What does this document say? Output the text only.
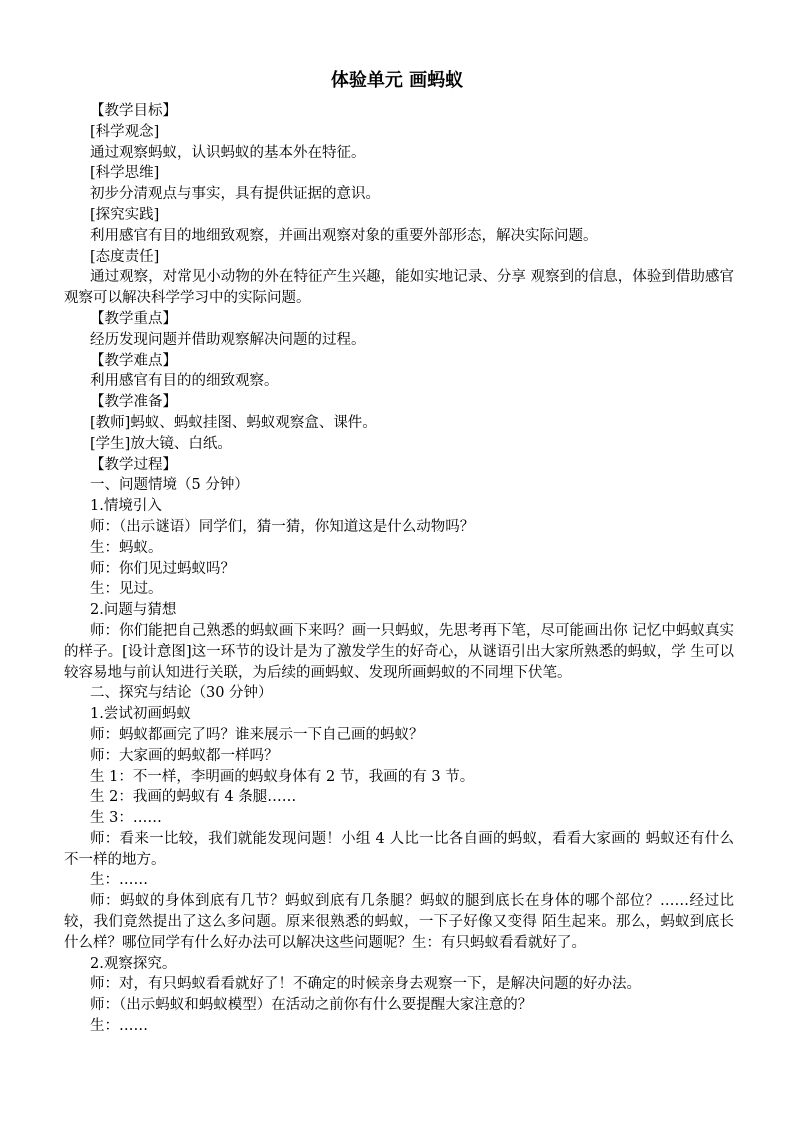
体验单元 画蚂蚁
【教学目标】
[科学观念]
通过观察蚂蚁，认识蚂蚁的基本外在特征。
[科学思维]
初步分清观点与事实，具有提供证据的意识。
[探究实践]
利用感官有目的地细致观察，并画出观察对象的重要外部形态，解决实际问题。
[态度责任]
通过观察，对常见小动物的外在特征产生兴趣，能如实地记录、分享 观察到的信息，体验到借助感官观察可以解决科学学习中的实际问题。
【教学重点】
经历发现问题并借助观察解决问题的过程。
【教学难点】
利用感官有目的的细致观察。
【教学准备】
[教师]蚂蚁、蚂蚁挂图、蚂蚁观察盒、课件。
[学生]放大镜、白纸。
【教学过程】
一、问题情境（5 分钟）
1.情境引入
师：（出示谜语）同学们，猜一猜，你知道这是什么动物吗？
生：蚂蚁。
师：你们见过蚂蚁吗？
生：见过。
2.问题与猜想
师：你们能把自己熟悉的蚂蚁画下来吗？画一只蚂蚁，先思考再下笔，尽可能画出你 记忆中蚂蚁真实的样子。[设计意图]这一环节的设计是为了激发学生的好奇心，从谜语引出大家所熟悉的蚂蚁，学 生可以较容易地与前认知进行关联，为后续的画蚂蚁、发现所画蚂蚁的不同埋下伏笔。
二、探究与结论（30 分钟）
1.尝试初画蚂蚁
师：蚂蚁都画完了吗？谁来展示一下自己画的蚂蚁？
师：大家画的蚂蚁都一样吗？
生 1：不一样，李明画的蚂蚁身体有 2 节，我画的有 3 节。
生 2：我画的蚂蚁有 4 条腿……
生 3：……
师：看来一比较，我们就能发现问题！小组 4 人比一比各自画的蚂蚁，看看大家画的 蚂蚁还有什么不一样的地方。
生：……
师：蚂蚁的身体到底有几节？蚂蚁到底有几条腿？蚂蚁的腿到底长在身体的哪个部位？……经过比较，我们竟然提出了这么多问题。原来很熟悉的蚂蚁，一下子好像又变得 陌生起来。那么，蚂蚁到底长什么样？哪位同学有什么好办法可以解决这些问题呢？生：有只蚂蚁看看就好了。
2.观察探究。
师：对，有只蚂蚁看看就好了！不确定的时候亲身去观察一下，是解决问题的好办法。
师：（出示蚂蚁和蚂蚁模型）在活动之前你有什么要提醒大家注意的？
生：……
